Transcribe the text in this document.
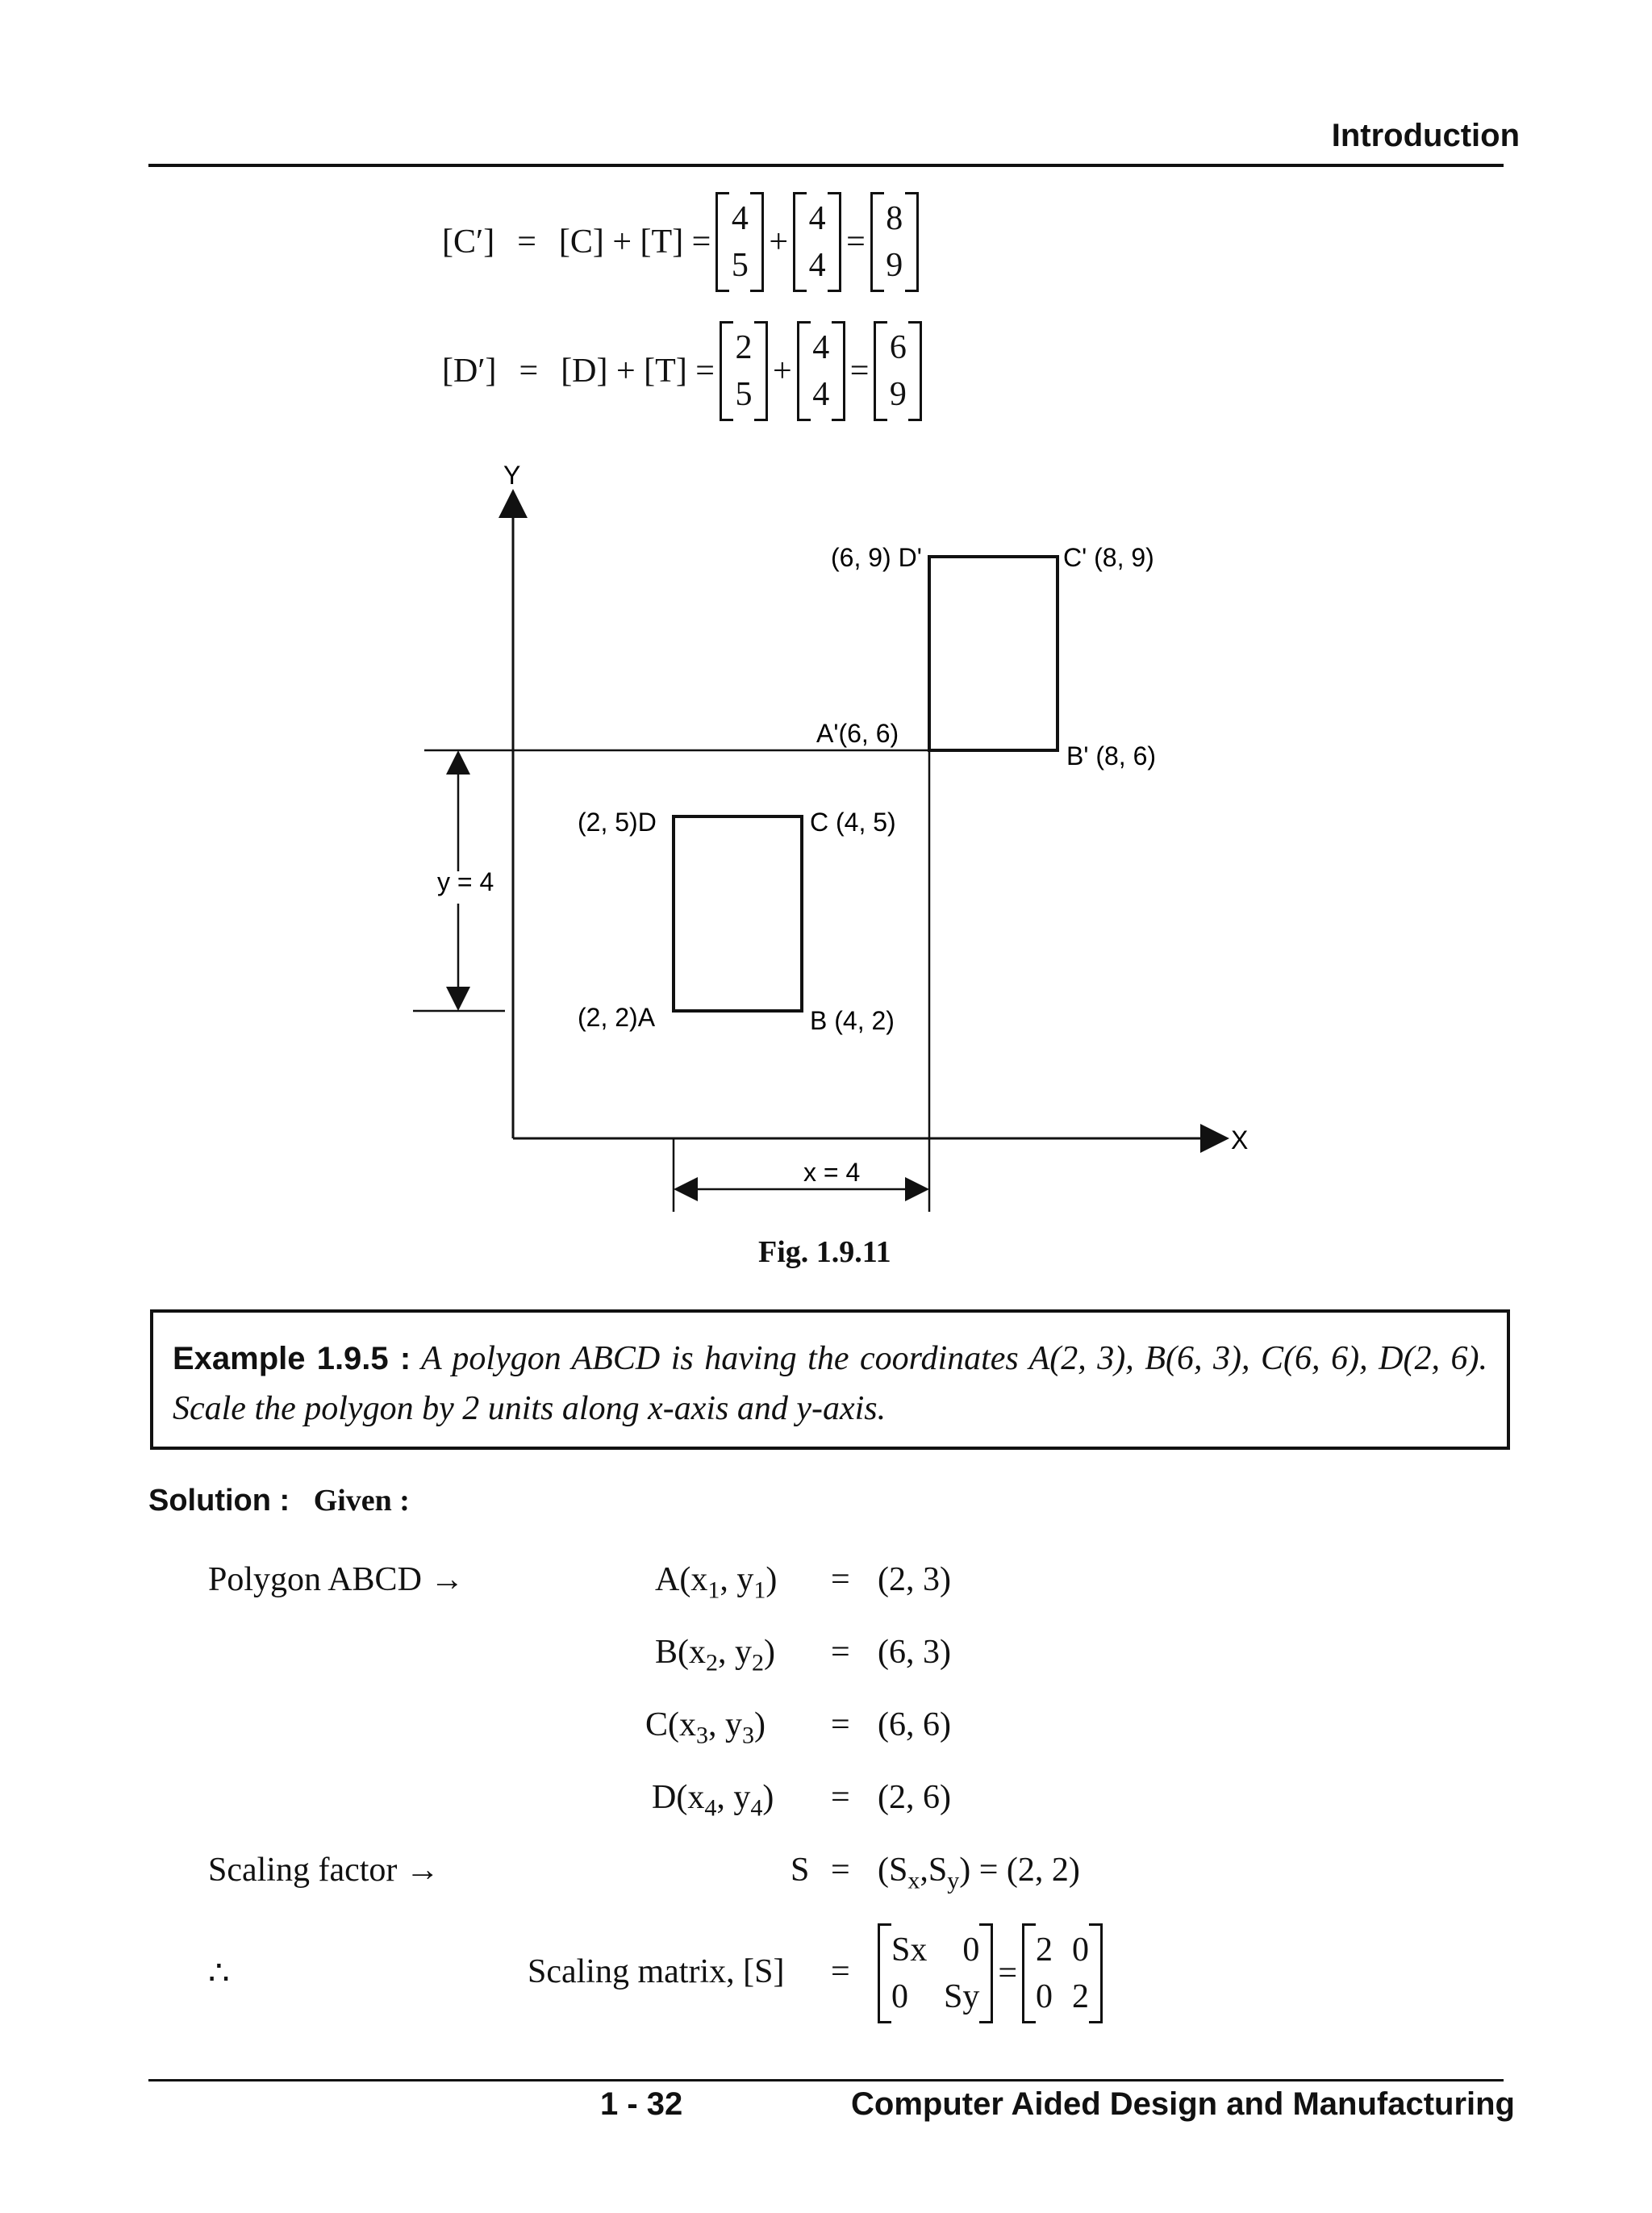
Introduction
[C′] = [C] + [T] =
4
5
+
4
4
=
8
9
[D′] = [D] + [T] =
2
5
+
4
4
=
6
9
Y
X
(6, 9) D'	C' (8, 9)
A'(6, 6)
B' (8, 6)
(2, 5)D	C (4, 5)
(2, 2)A	B (4, 2)
y = 4
x = 4
Fig. 1.9.11
Example 1.9.5 : A polygon ABCD is having the coordinates A(2, 3), B(6, 3), C(6, 6), D(2, 6). Scale the polygon by 2 units along x-axis and y-axis.
Solution : Given :
Polygon ABCD →	$A(x_1$, $y_1) = (2$, 3)
$B(x_2$, $y_2) = (6$, 3)
$C(x_3$, $y_3) = (6$, 6)
$D(x_4$, $y_4) = (2$, 6)
Scaling factor →	$S = (S_x,S_y) = (2$, 2)
∴	Scaling matrix, [S] =
Sx 0
0 Sy
=
2 0
0 2
1 - 32	Computer Aided Design and Manufacturing
